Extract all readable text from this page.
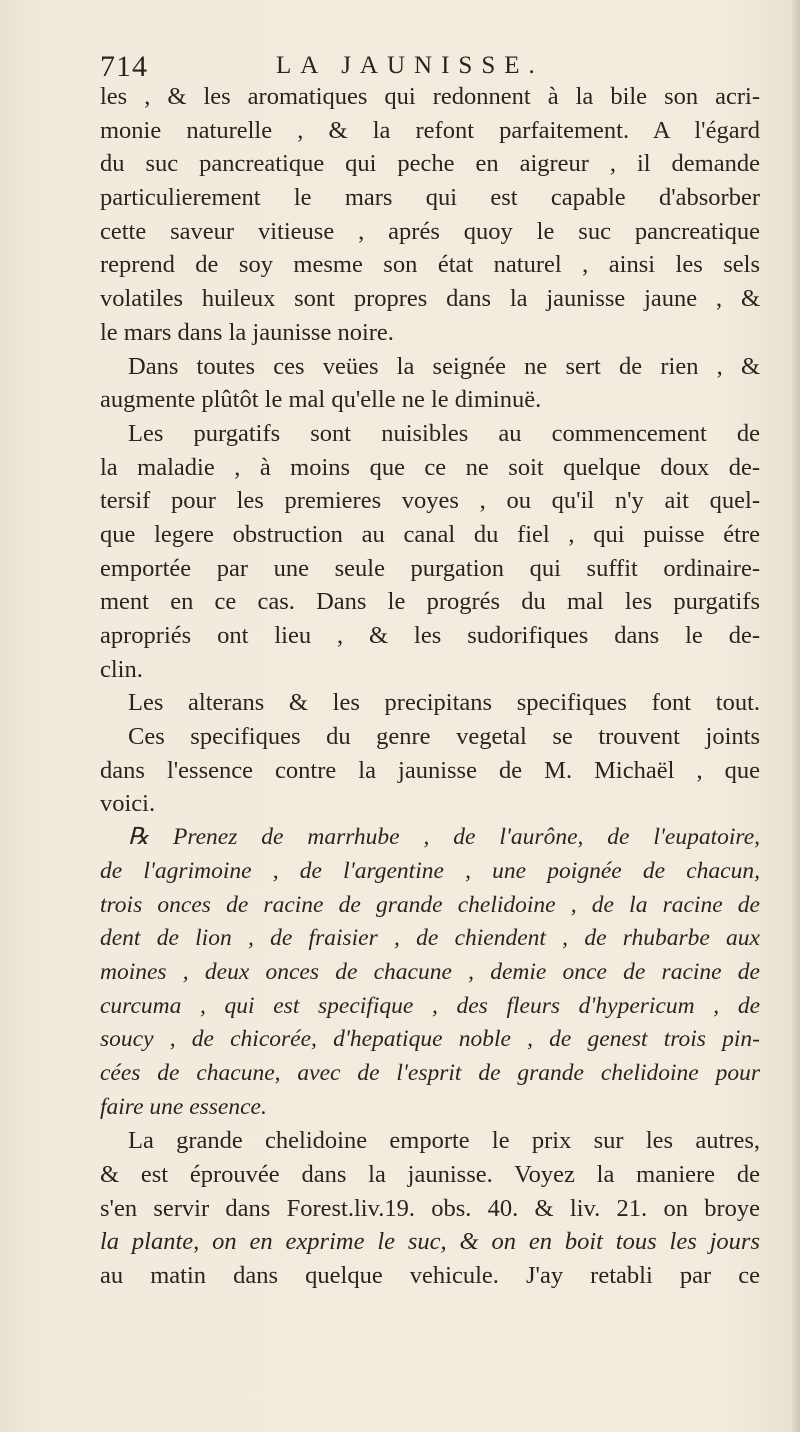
714	LA JAUNISSE.
les , & les aromatiques qui redonnent à la bile son acri-
monie naturelle , & la refont parfaitement. A l'égard
du suc pancreatique qui peche en aigreur , il demande
particulierement le mars qui est capable d'absorber
cette saveur vitieuse , aprés quoy le suc pancreatique
reprend de soy mesme son état naturel , ainsi les sels
volatiles huileux sont propres dans la jaunisse jaune , &
le mars dans la jaunisse noire.
Dans toutes ces veües la seignée ne sert de rien , &
augmente plûtôt le mal qu'elle ne le diminuë.
Les purgatifs sont nuisibles au commencement de
la maladie , à moins que ce ne soit quelque doux de-
tersif pour les premieres voyes , ou qu'il n'y ait quel-
que legere obstruction au canal du fiel , qui puisse étre
emportée par une seule purgation qui suffit ordinaire-
ment en ce cas. Dans le progrés du mal les purgatifs
apropriés ont lieu , & les sudorifiques dans le de-
clin.
Les alterans & les precipitans specifiques font tout.
Ces specifiques du genre vegetal se trouvent joints
dans l'essence contre la jaunisse de M. Michaël , que
voici.
℞ Prenez de marrhube , de l'aurône, de l'eupatoire,
de l'agrimoine , de l'argentine , une poignée de chacun,
trois onces de racine de grande chelidoine , de la racine de
dent de lion , de fraisier , de chiendent , de rhubarbe aux
moines , deux onces de chacune , demie once de racine de
curcuma , qui est specifique , des fleurs d'hypericum , de
soucy , de chicorée, d'hepatique noble , de genest trois pin-
cées de chacune, avec de l'esprit de grande chelidoine pour
faire une essence.
La grande chelidoine emporte le prix sur les autres,
& est éprouvée dans la jaunisse. Voyez la maniere de
s'en servir dans Forest.liv.19. obs. 40. & liv. 21. on broye
la plante, on en exprime le suc, & on en boit tous les jours
au matin dans quelque vehicule. J'ay retabli par ce
